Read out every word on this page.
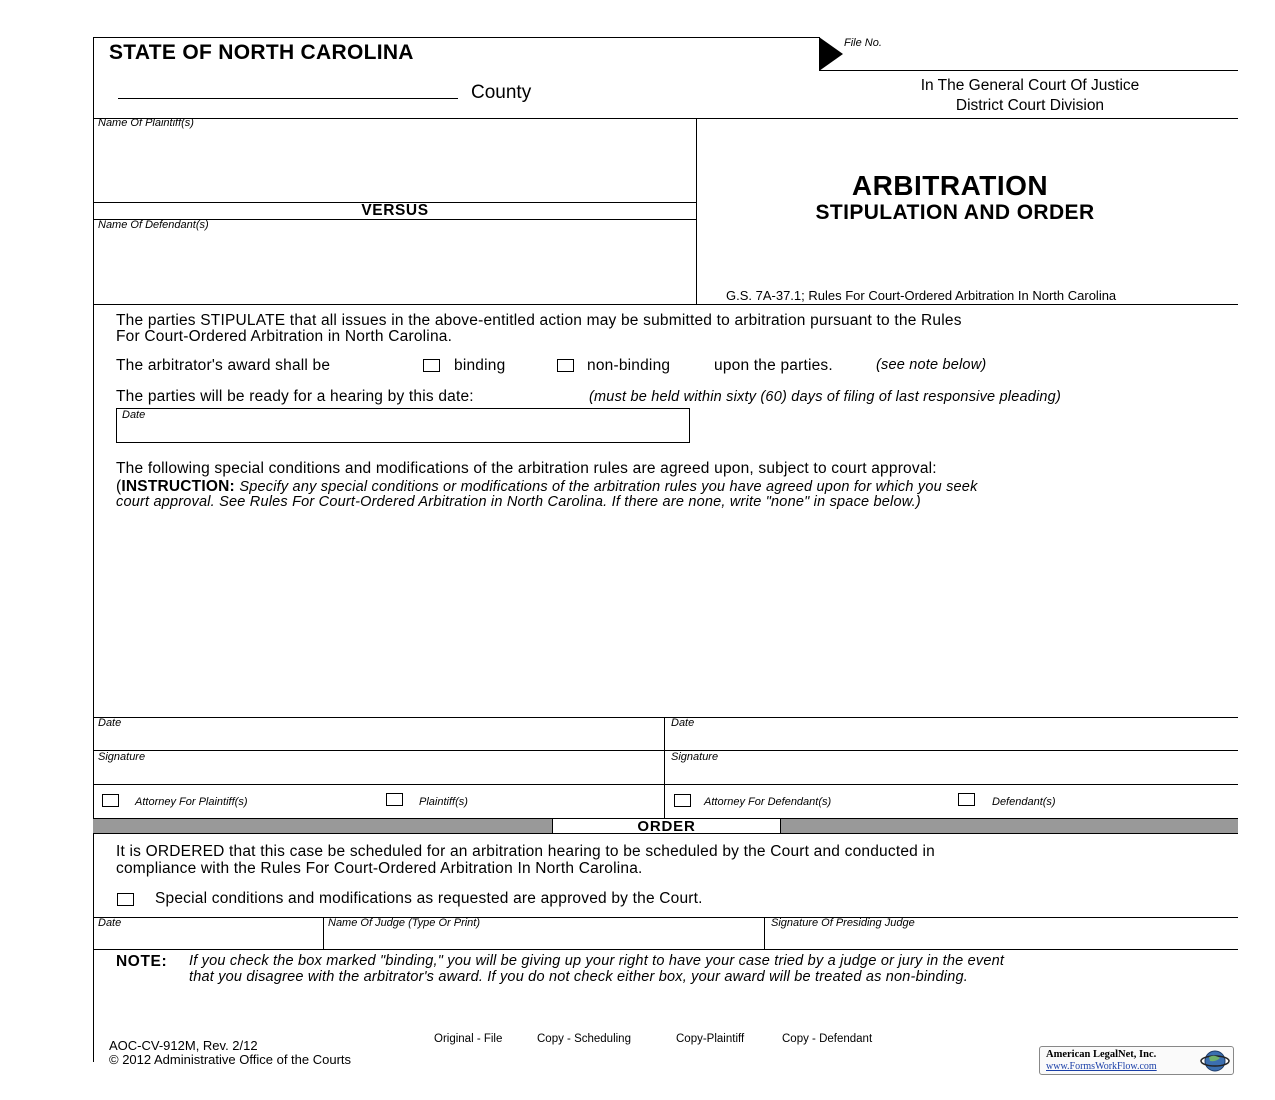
STATE OF NORTH CAROLINA
County
File No.
In The General Court Of Justice
District Court Division
Name Of Plaintiff(s)
VERSUS
Name Of Defendant(s)
ARBITRATION
STIPULATION AND ORDER
G.S. 7A-37.1; Rules For Court-Ordered Arbitration In North Carolina
The parties STIPULATE that all issues in the above-entitled action may be submitted to arbitration pursuant to the Rules
For Court-Ordered Arbitration in North Carolina.
The arbitrator's award shall be	binding	non-binding	upon the parties.	(see note below)
The parties will be ready for a hearing by this date:	(must be held within sixty (60) days of filing of last responsive pleading)
Date
The following special conditions and modifications of the arbitration rules are agreed upon, subject to court approval:
(INSTRUCTION: Specify any special conditions or modifications of the arbitration rules you have agreed upon for which you seek
court approval. See Rules For Court-Ordered Arbitration in North Carolina. If there are none, write "none" in space below.)
Date	Date
Signature	Signature
Attorney For Plaintiff(s)	Plaintiff(s)	Attorney For Defendant(s)	Defendant(s)
ORDER
It is ORDERED that this case be scheduled for an arbitration hearing to be scheduled by the Court and conducted in
compliance with the Rules For Court-Ordered Arbitration In North Carolina.
Special conditions and modifications as requested are approved by the Court.
Date	Name Of Judge (Type Or Print)	Signature Of Presiding Judge
NOTE: If you check the box marked "binding," you will be giving up your right to have your case tried by a judge or jury in the event
that you disagree with the arbitrator's award. If you do not check either box, your award will be treated as non-binding.
AOC-CV-912M, Rev. 2/12
© 2012 Administrative Office of the Courts
Original - File	Copy - Scheduling	Copy-Plaintiff	Copy - Defendant
American LegalNet, Inc.
www.FormsWorkFlow.com
